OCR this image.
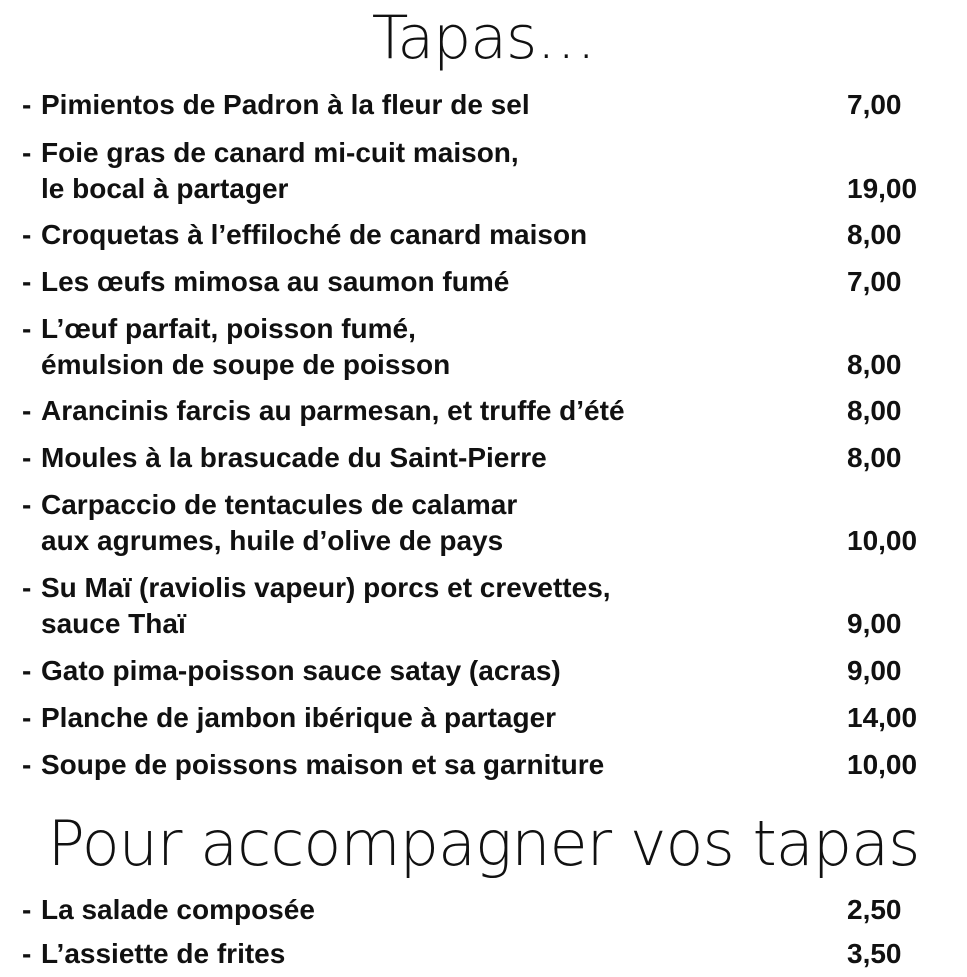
Tapas…
- Pimientos de Padron à la fleur de sel	7,00
- Foie gras de canard mi-cuit maison,
le bocal à partager	19,00
- Croquetas à l’effiloché de canard maison	8,00
- Les œufs mimosa au saumon fumé	7,00
- L’œuf parfait, poisson fumé,
émulsion de soupe de poisson	8,00
- Arancinis farcis au parmesan, et truffe d’été	8,00
- Moules à la brasucade du Saint-Pierre	8,00
- Carpaccio de tentacules de calamar
aux agrumes, huile d’olive de pays	10,00
- Su Maï (raviolis vapeur) porcs et crevettes,
sauce Thaï	9,00
- Gato pima-poisson sauce satay (acras)	9,00
- Planche de jambon ibérique à partager	14,00
- Soupe de poissons maison et sa garniture	10,00
Pour accompagner vos tapas
- La salade composée	2,50
- L’assiette de frites	3,50
